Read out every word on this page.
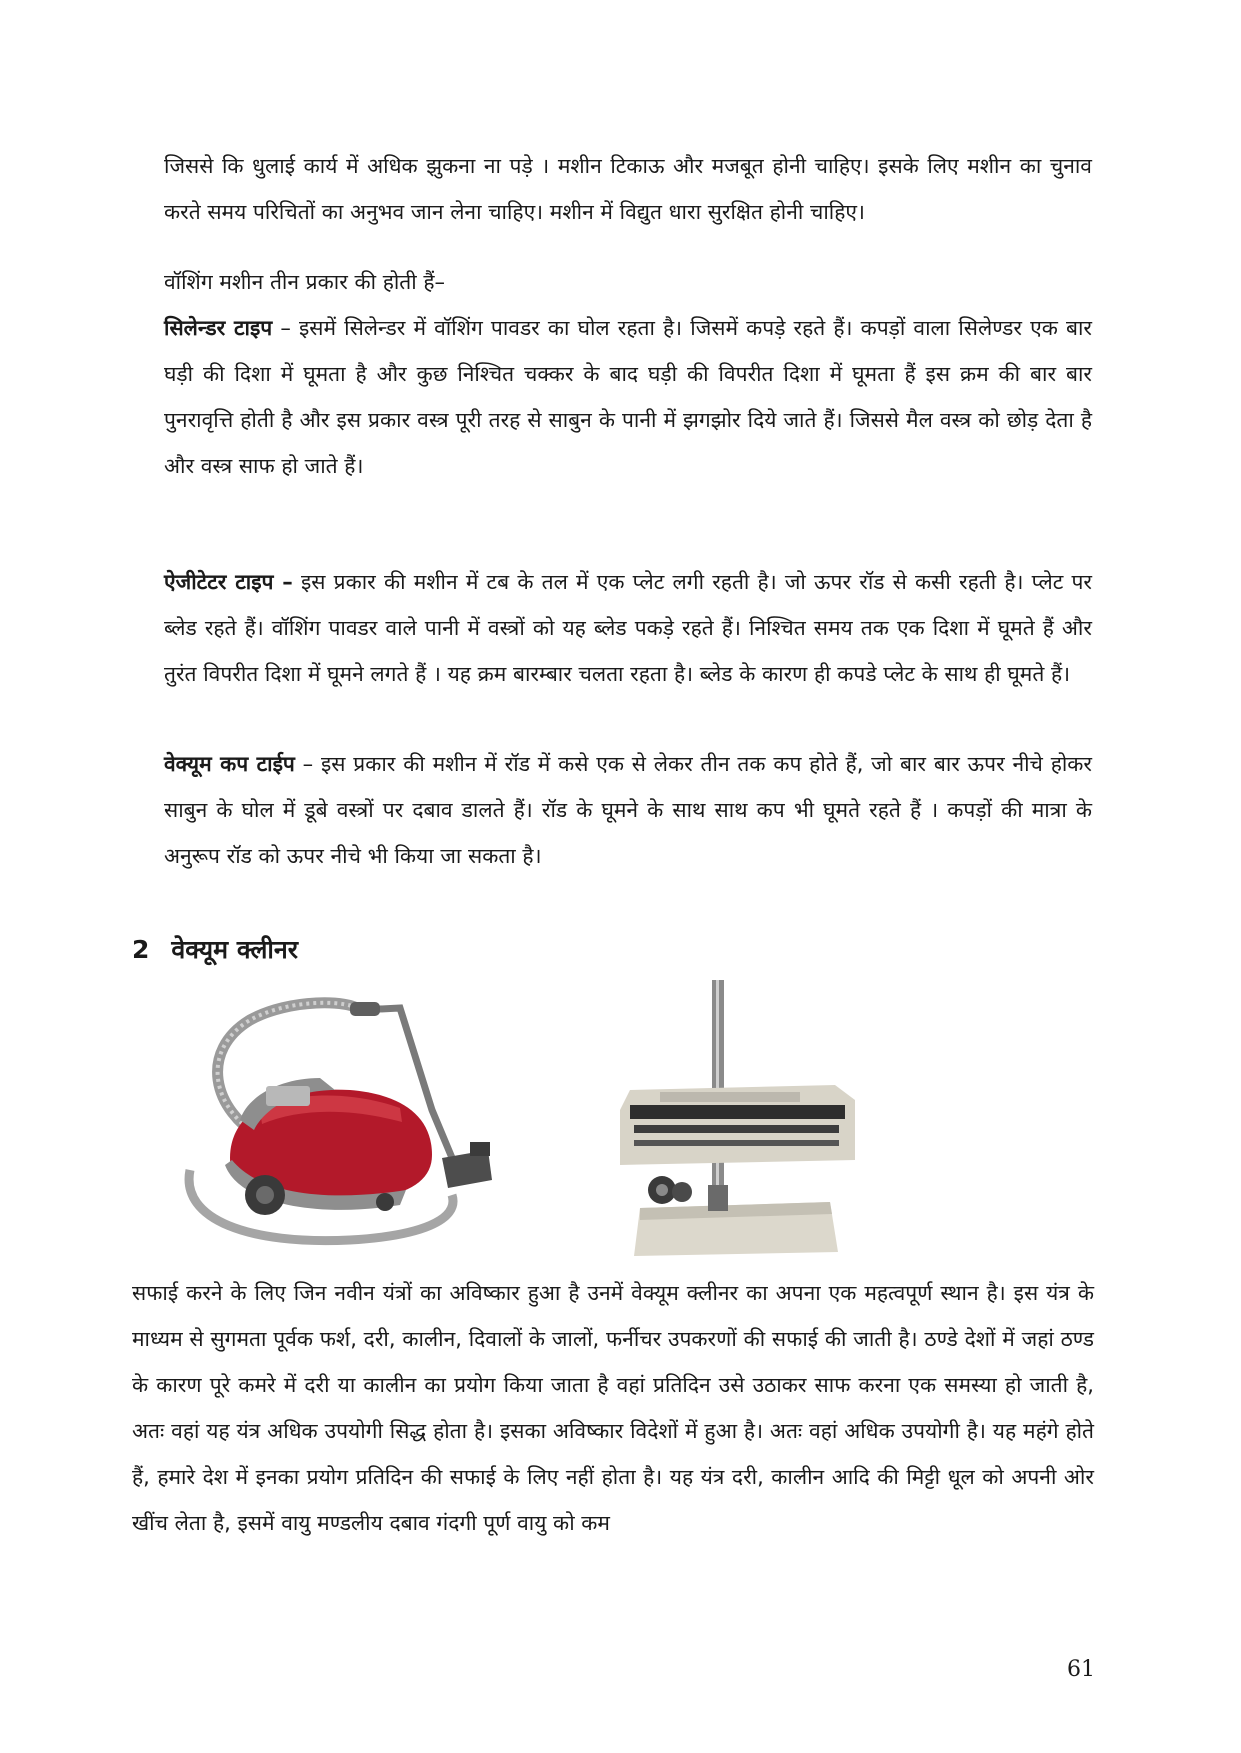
जिससे कि धुलाई कार्य में अधिक झुकना ना पड़े । मशीन टिकाऊ और मजबूत होनी चाहिए। इसके लिए मशीन का चुनाव करते समय परिचितों का अनुभव जान लेना चाहिए। मशीन में विद्युत धारा सुरक्षित होनी चाहिए।

वॉशिंग मशीन तीन प्रकार की होती हैं–

सिलेन्डर टाइप – इसमें सिलेन्डर में वॉशिंग पावडर का घोल रहता है। जिसमें कपड़े रहते हैं। कपड़ों वाला सिलेण्डर एक बार घड़ी की दिशा में घूमता है और कुछ निश्चित चक्कर के बाद घड़ी की विपरीत दिशा में घूमता हैं इस क्रम की बार बार पुनरावृत्ति होती है और इस प्रकार वस्त्र पूरी तरह से साबुन के पानी में झगझोर दिये जाते हैं। जिससे मैल वस्त्र को छोड़ देता है और वस्त्र साफ हो जाते हैं।

ऐजीटेटर टाइप – इस प्रकार की मशीन में टब के तल में एक प्लेट लगी रहती है। जो ऊपर रॉड से कसी रहती है। प्लेट पर ब्लेड रहते हैं। वॉशिंग पावडर वाले पानी में वस्त्रों को यह ब्लेड पकड़े रहते हैं। निश्चित समय तक एक दिशा में घूमते हैं और तुरंत विपरीत दिशा में घूमने लगते हैं । यह क्रम बारम्बार चलता रहता है। ब्लेड के कारण ही कपडे प्लेट के साथ ही घूमते हैं।

वेक्यूम कप टाईप – इस प्रकार की मशीन में रॉड में कसे एक से लेकर तीन तक कप होते हैं, जो बार बार ऊपर नीचे होकर साबुन के घोल में डूबे वस्त्रों पर दबाव डालते हैं। रॉड के घूमने के साथ साथ कप भी घूमते रहते हैं । कपड़ों की मात्रा के अनुरूप रॉड को ऊपर नीचे भी किया जा सकता है।

2 वेक्यूम क्लीनर

सफाई करने के लिए जिन नवीन यंत्रों का अविष्कार हुआ है उनमें वेक्यूम क्लीनर का अपना एक महत्वपूर्ण स्थान है। इस यंत्र के माध्यम से सुगमता पूर्वक फर्श, दरी, कालीन, दिवालों के जालों, फर्नीचर उपकरणों की सफाई की जाती है। ठण्डे देशों में जहां ठण्ड के कारण पूरे कमरे में दरी या कालीन का प्रयोग किया जाता है वहां प्रतिदिन उसे उठाकर साफ करना एक समस्या हो जाती है, अतः वहां यह यंत्र अधिक उपयोगी सिद्ध होता है। इसका अविष्कार विदेशों में हुआ है। अतः वहां अधिक उपयोगी है। यह महंगे होते हैं, हमारे देश में इनका प्रयोग प्रतिदिन की सफाई के लिए नहीं होता है। यह यंत्र दरी, कालीन आदि की मिट्टी धूल को अपनी ओर खींच लेता है, इसमें वायु मण्डलीय दबाव गंदगी पूर्ण वायु को कम

61
